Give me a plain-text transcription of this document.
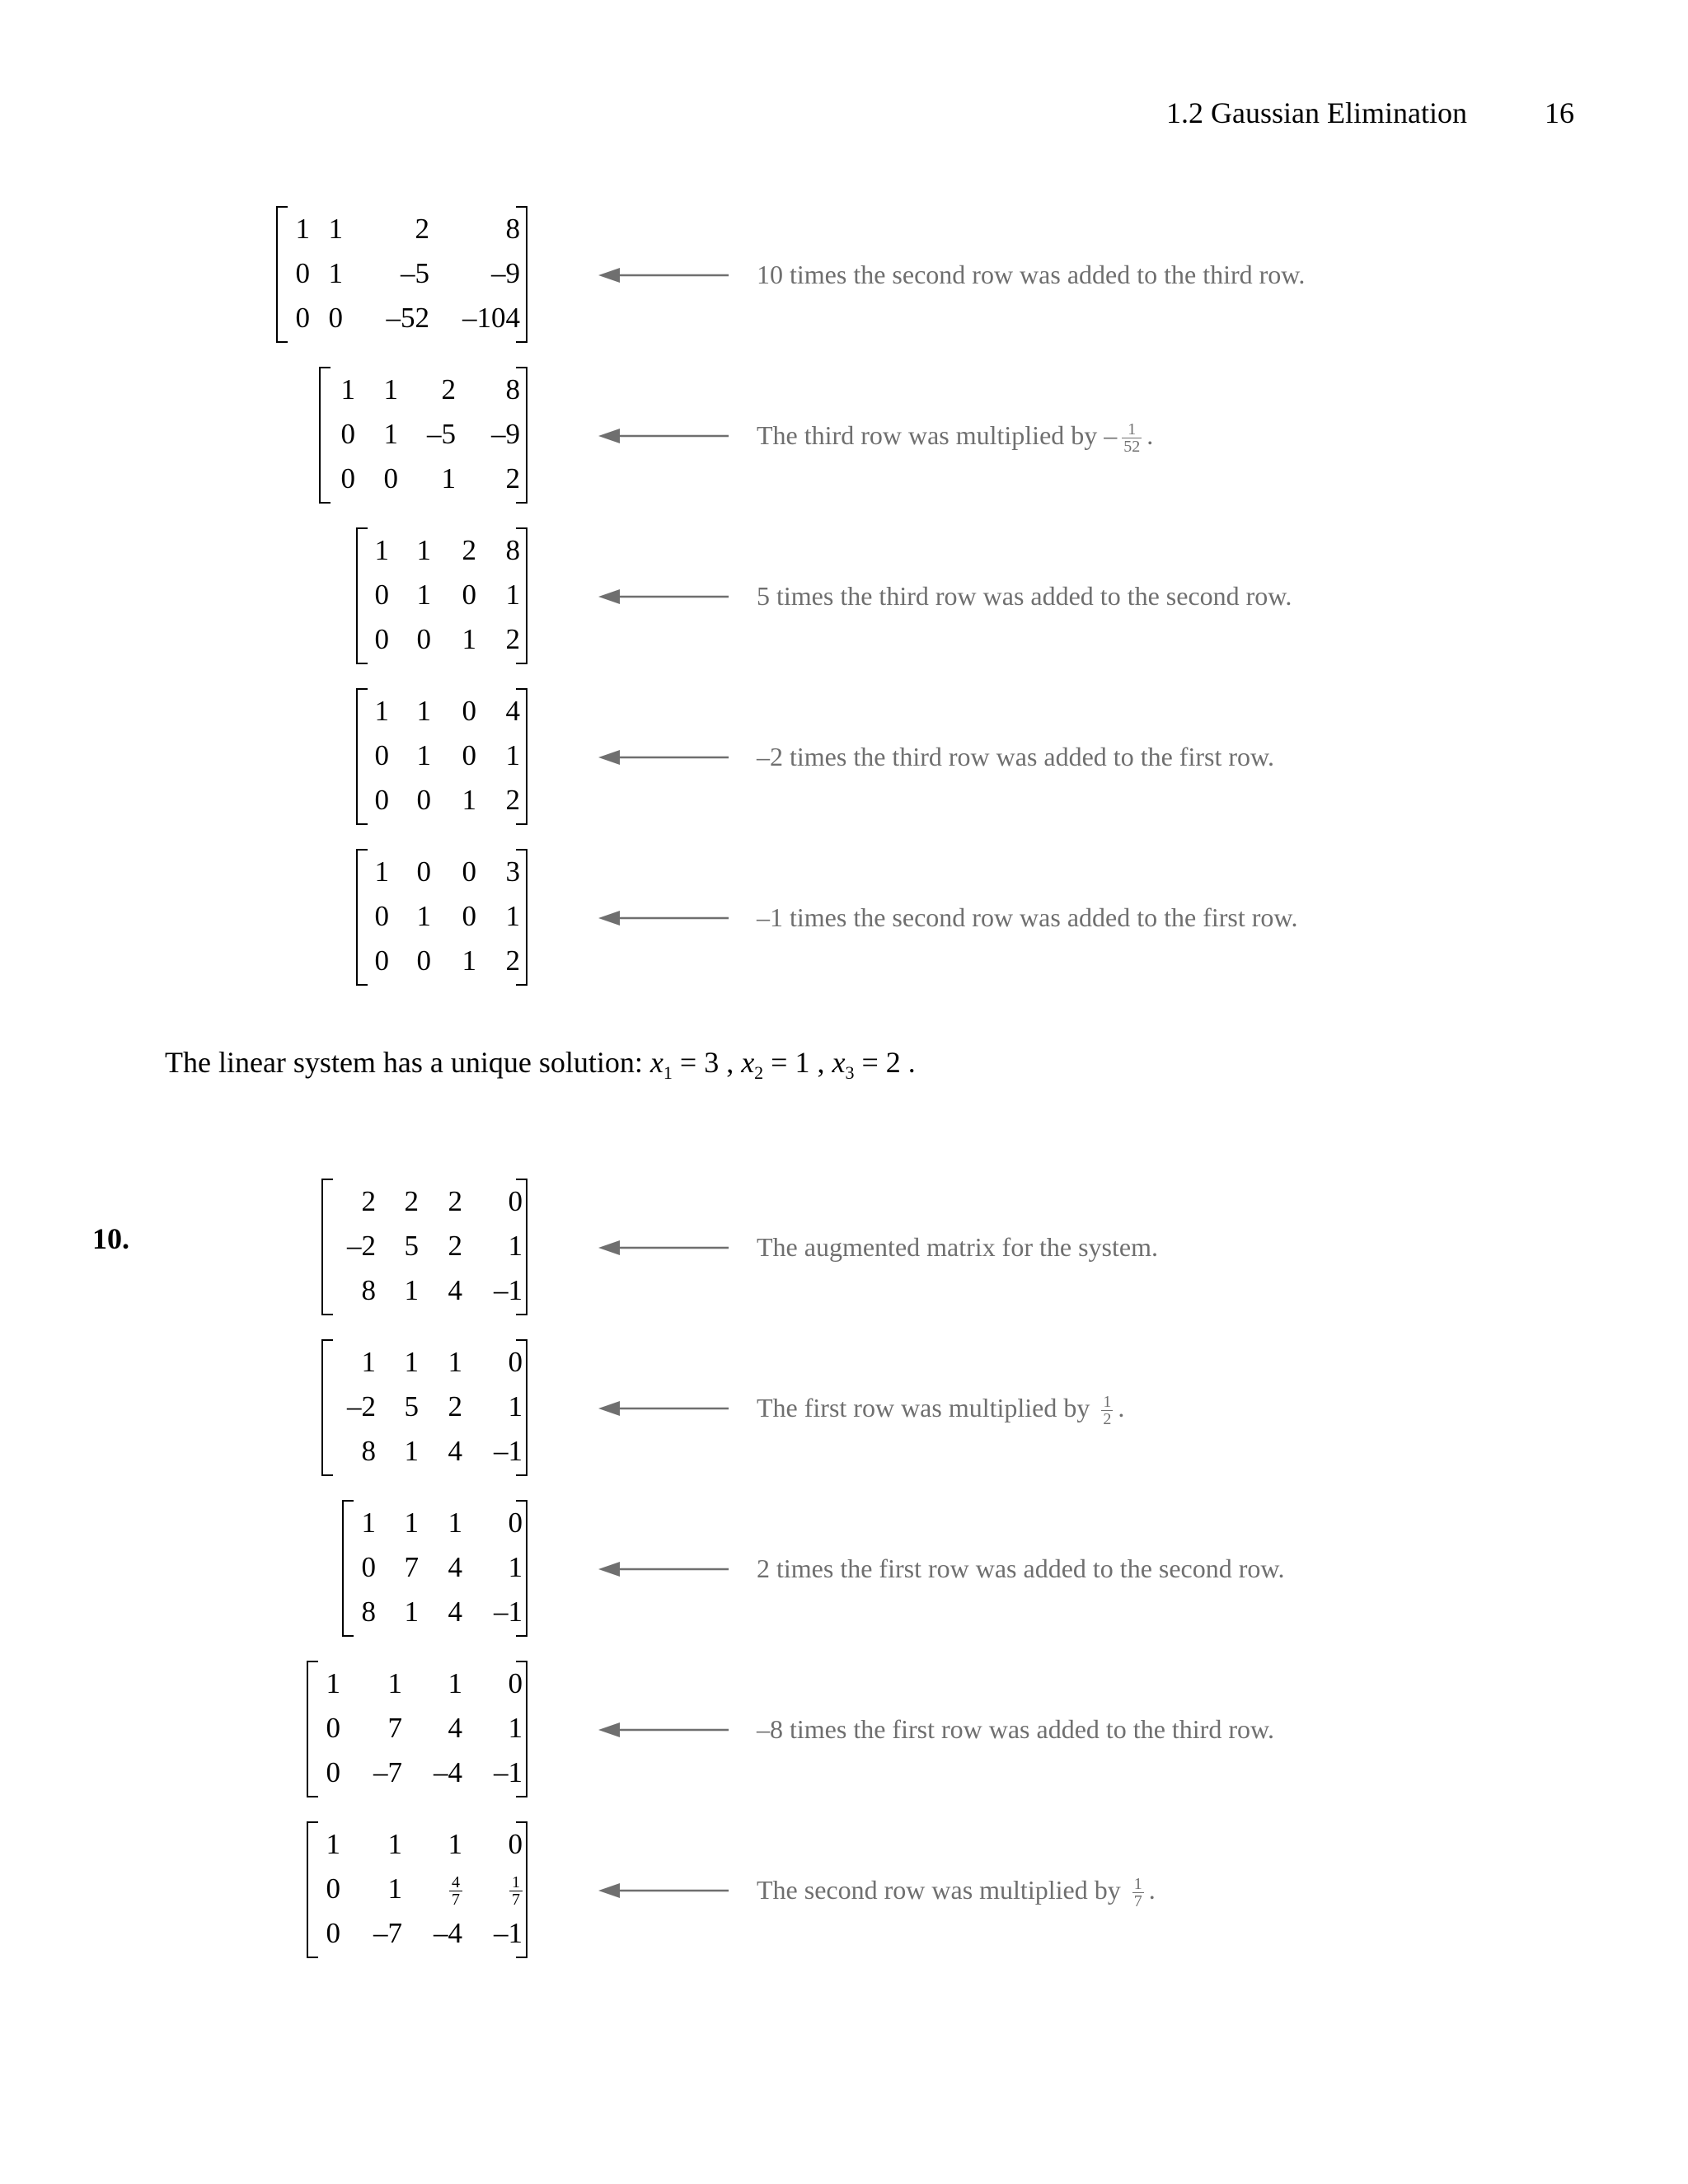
1.2 Gaussian Elimination	16
The linear system has a unique solution: $x_1 = 3$ , $x_2 = 1$ , $x_3 = 2$ .
10.
1 1	2	8
0 1	–5	–9
0 0	–52	–104
10 times the second row was added to the third row.
1 1	2	8
0 1	–5	–9
0 0	1	2
The third row was multiplied by – $\frac{1}{52}$ .
1 1	2	8
0 1	0	1
0 0	1	2
5 times the third row was added to the second row.
1 1	0	4
0 1	0	1
0 0	1	2
–2 times the third row was added to the first row.
1 0	0	3
0 1	0	1
0 0	1	2
–1 times the second row was added to the first row.
2 2	2	0
–2 5	2	1
8 1	4	–1
The augmented matrix for the system.
1 1	1	0
–2 5	2	1
8 1	4	–1
The first row was multiplied by $\frac{1}{2}$ .
1 1	1	0
0 7	4	1
8 1	4	–1
2 times the first row was added to the second row.
1	1	1	0
0	7	4	1
0	–7	–4	–1
–8 times the first row was added to the third row.
1	1	1	0
0	1	$\frac{4}{7}$	$\frac{1}{7}$
0	–7	–4	–1
The second row was multiplied by $\frac{1}{7}$ .
